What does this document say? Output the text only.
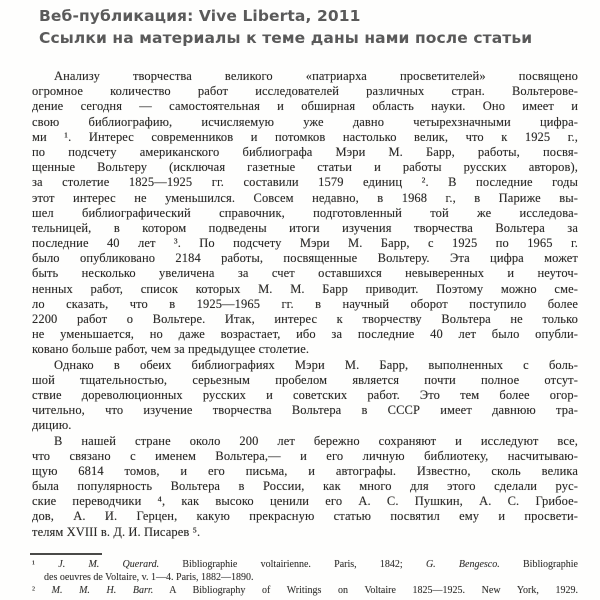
Веб-публикация: Vive Liberta, 2011
Ссылки на материалы к теме даны нами после статьи
Анализу творчества великого «патриарха просветителей» посвящено
огромное количество работ исследователей различных стран. Вольтерове-
дение сегодня — самостоятельная и обширная область науки. Оно имеет и
свою библиографию, исчисляемую уже давно четырехзначными цифра-
ми ¹. Интерес современников и потомков настолько велик, что к 1925 г.,
по подсчету американского библиографа Мэри М. Барр, работы, посвя-
щенные Вольтеру (исключая газетные статьи и работы русских авторов),
за столетие 1825—1925 гг. составили 1579 единиц ². В последние годы
этот интерес не уменьшился. Совсем недавно, в 1968 г., в Париже вы-
шел библиографический справочник, подготовленный той же исследова-
тельницей, в котором подведены итоги изучения творчества Вольтера за
последние 40 лет ³. По подсчету Мэри М. Барр, с 1925 по 1965 г.
было опубликовано 2184 работы, посвященные Вольтеру. Эта цифра может
быть несколько увеличена за счет оставшихся невыверенных и неуточ-
ненных работ, список которых М. М. Барр приводит. Поэтому можно сме-
ло сказать, что в 1925—1965 гг. в научный оборот поступило более
2200 работ о Вольтере. Итак, интерес к творчеству Вольтера не только
не уменьшается, но даже возрастает, ибо за последние 40 лет было опубли-
ковано больше работ, чем за предыдущее столетие.
Однако в обеих библиографиях Мэри М. Барр, выполненных с боль-
шой тщательностью, серьезным пробелом является почти полное отсут-
ствие дореволюционных русских и советских работ. Это тем более огор-
чительно, что изучение творчества Вольтера в СССР имеет давнюю тра-
дицию.
В нашей стране около 200 лет бережно сохраняют и исследуют все,
что связано с именем Вольтера,— и его личную библиотеку, насчитываю-
щую 6814 томов, и его письма, и автографы. Известно, сколь велика
была популярность Вольтера в России, как много для этого сделали рус-
ские переводчики ⁴, как высоко ценили его А. С. Пушкин, А. С. Грибое-
дов, А. И. Герцен, какую прекрасную статью посвятил ему и просвети-
телям XVIII в. Д. И. Писарев ⁵.
¹ J. M. Querard. Bibliographie voltairienne. Paris, 1842; G. Bengesco. Bibliographie
des oeuvres de Voltaire, v. 1—4. Paris, 1882—1890.
² M. M. H. Barr. A Bibliography of Writings on Voltaire 1825—1925. New York, 1929.
